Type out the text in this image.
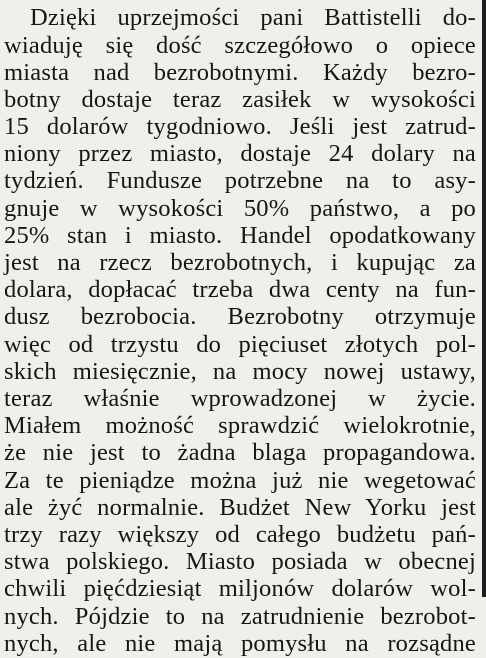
Dzięki uprzejmości pani Battistelli do-
wiaduję się dość szczegółowo o opiece
miasta nad bezrobotnymi. Każdy bezro-
botny dostaje teraz zasiłek w wysokości
15 dolarów tygodniowo. Jeśli jest zatrud-
niony przez miasto, dostaje 24 dolary na
tydzień. Fundusze potrzebne na to asy-
gnuje w wysokości 50% państwo, a po
25% stan i miasto. Handel opodatkowany
jest na rzecz bezrobotnych, i kupując za
dolara, dopłacać trzeba dwa centy na fun-
dusz bezrobocia. Bezrobotny otrzymuje
więc od trzystu do pięciuset złotych pol-
skich miesięcznie, na mocy nowej ustawy,
teraz właśnie wprowadzonej w życie.
Miałem możność sprawdzić wielokrotnie,
że nie jest to żadna blaga propagandowa.
Za te pieniądze można już nie wegetować
ale żyć normalnie. Budżet New Yorku jest
trzy razy większy od całego budżetu pań-
stwa polskiego. Miasto posiada w obecnej
chwili pięćdziesiąt miljonów dolarów wol-
nych. Pójdzie to na zatrudnienie bezrobot-
nych, ale nie mają pomysłu na rozsądne
